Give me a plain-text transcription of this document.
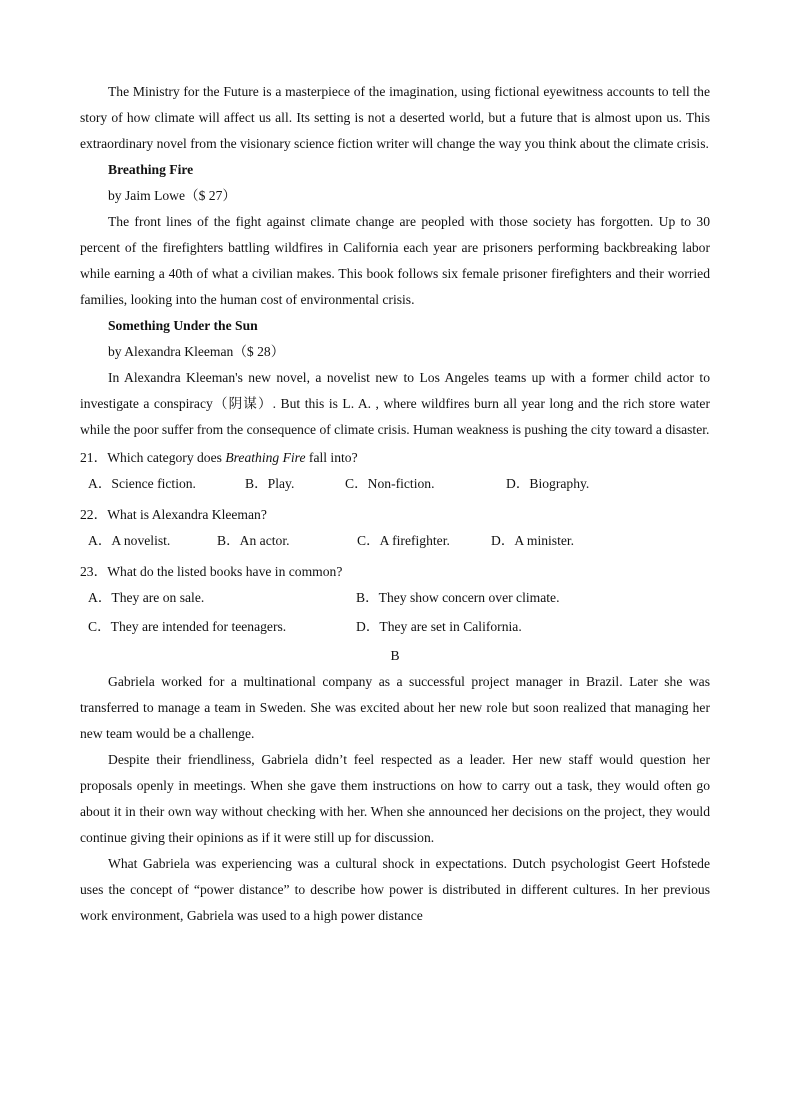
The Ministry for the Future is a masterpiece of the imagination, using fictional eyewitness accounts to tell the story of how climate will affect us all. Its setting is not a deserted world, but a future that is almost upon us. This extraordinary novel from the visionary science fiction writer will change the way you think about the climate crisis.

Breathing Fire

by Jaim Lowe（$ 27）

The front lines of the fight against climate change are peopled with those society has forgotten. Up to 30 percent of the firefighters battling wildfires in California each year are prisoners performing backbreaking labor while earning a 40th of what a civilian makes. This book follows six female prisoner firefighters and their worried families, looking into the human cost of environmental crisis.

Something Under the Sun

by Alexandra Kleeman（$ 28）

In Alexandra Kleeman's new novel, a novelist new to Los Angeles teams up with a former child actor to investigate a conspiracy（阴谋）. But this is L. A. , where wildfires burn all year long and the rich store water while the poor suffer from the consequence of climate crisis. Human weakness is pushing the city toward a disaster.

21．Which category does Breathing Fire fall into?

A．Science fiction.	B．Play.	C．Non-fiction.	D．Biography.

22．What is Alexandra Kleeman?

A．A novelist.	B．An actor.	C．A firefighter.	D．A minister.

23．What do the listed books have in common?

A．They are on sale.	B．They show concern over climate.
C．They are intended for teenagers.	D．They are set in California.

B

Gabriela worked for a multinational company as a successful project manager in Brazil. Later she was transferred to manage a team in Sweden. She was excited about her new role but soon realized that managing her new team would be a challenge.

Despite their friendliness, Gabriela didn’t feel respected as a leader. Her new staff would question her proposals openly in meetings. When she gave them instructions on how to carry out a task, they would often go about it in their own way without checking with her. When she announced her decisions on the project, they would continue giving their opinions as if it were still up for discussion.

What Gabriela was experiencing was a cultural shock in expectations. Dutch psychologist Geert Hofstede uses the concept of “power distance” to describe how power is distributed in different cultures. In her previous work environment, Gabriela was used to a high power distance
